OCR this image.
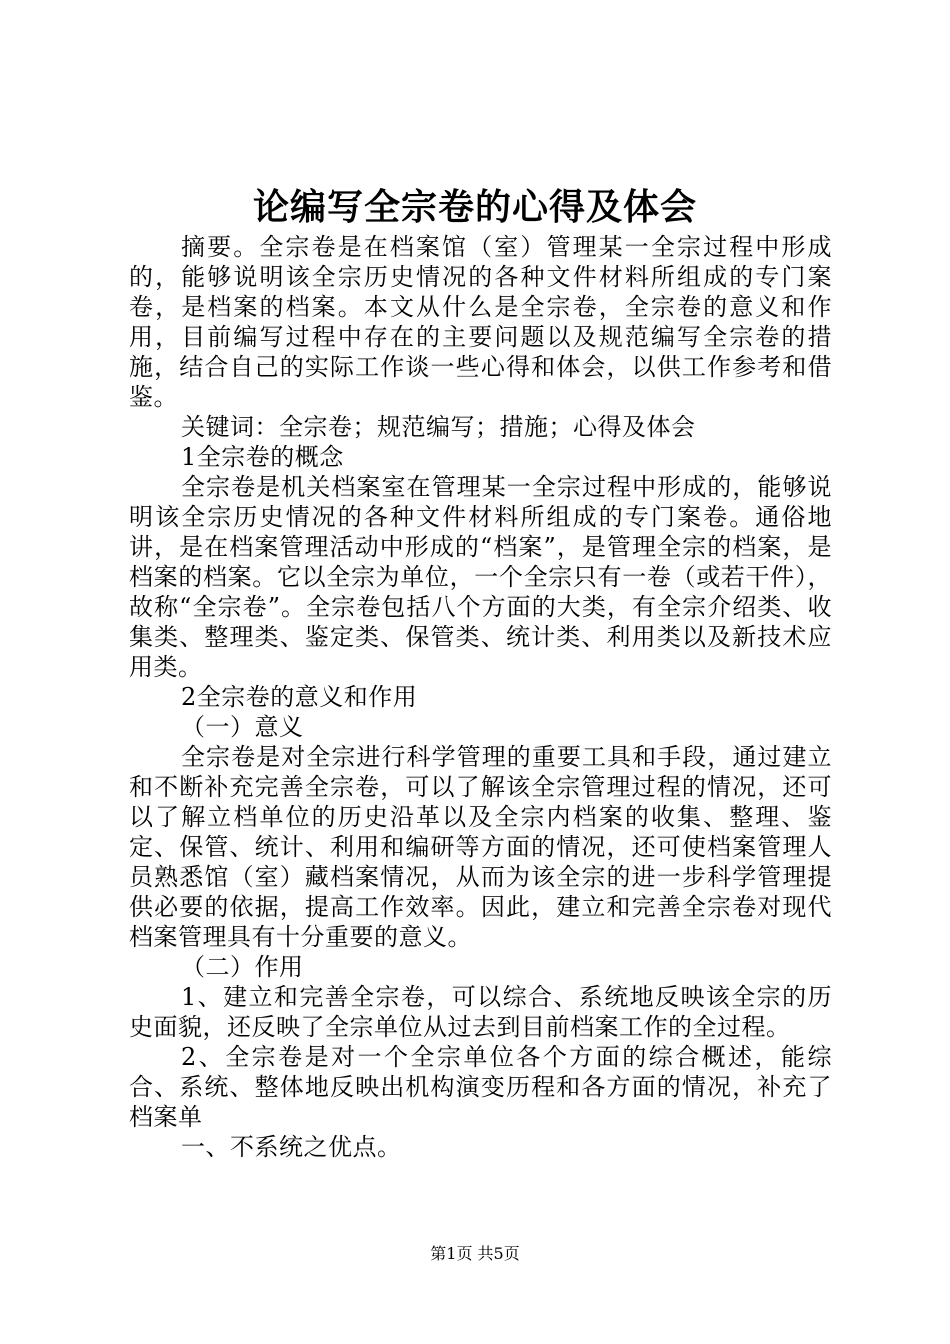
论编写全宗卷的心得及体会

摘要。全宗卷是在档案馆（室）管理某一全宗过程中形成的，能够说明该全宗历史情况的各种文件材料所组成的专门案卷，是档案的档案。本文从什么是全宗卷，全宗卷的意义和作用，目前编写过程中存在的主要问题以及规范编写全宗卷的措施，结合自己的实际工作谈一些心得和体会，以供工作参考和借鉴。

关键词：全宗卷；规范编写；措施；心得及体会

1全宗卷的概念

全宗卷是机关档案室在管理某一全宗过程中形成的，能够说明该全宗历史情况的各种文件材料所组成的专门案卷。通俗地讲，是在档案管理活动中形成的“档案”，是管理全宗的档案，是档案的档案。它以全宗为单位，一个全宗只有一卷（或若干件），故称“全宗卷”。全宗卷包括八个方面的大类，有全宗介绍类、收集类、整理类、鉴定类、保管类、统计类、利用类以及新技术应用类。

2全宗卷的意义和作用

（一）意义

全宗卷是对全宗进行科学管理的重要工具和手段，通过建立和不断补充完善全宗卷，可以了解该全宗管理过程的情况，还可以了解立档单位的历史沿革以及全宗内档案的收集、整理、鉴定、保管、统计、利用和编研等方面的情况，还可使档案管理人员熟悉馆（室）藏档案情况，从而为该全宗的进一步科学管理提供必要的依据，提高工作效率。因此，建立和完善全宗卷对现代档案管理具有十分重要的意义。

（二）作用

1、建立和完善全宗卷，可以综合、系统地反映该全宗的历史面貌，还反映了全宗单位从过去到目前档案工作的全过程。

2、全宗卷是对一个全宗单位各个方面的综合概述，能综合、系统、整体地反映出机构演变历程和各方面的情况，补充了档案单

一、不系统之优点。

第1页 共5页
